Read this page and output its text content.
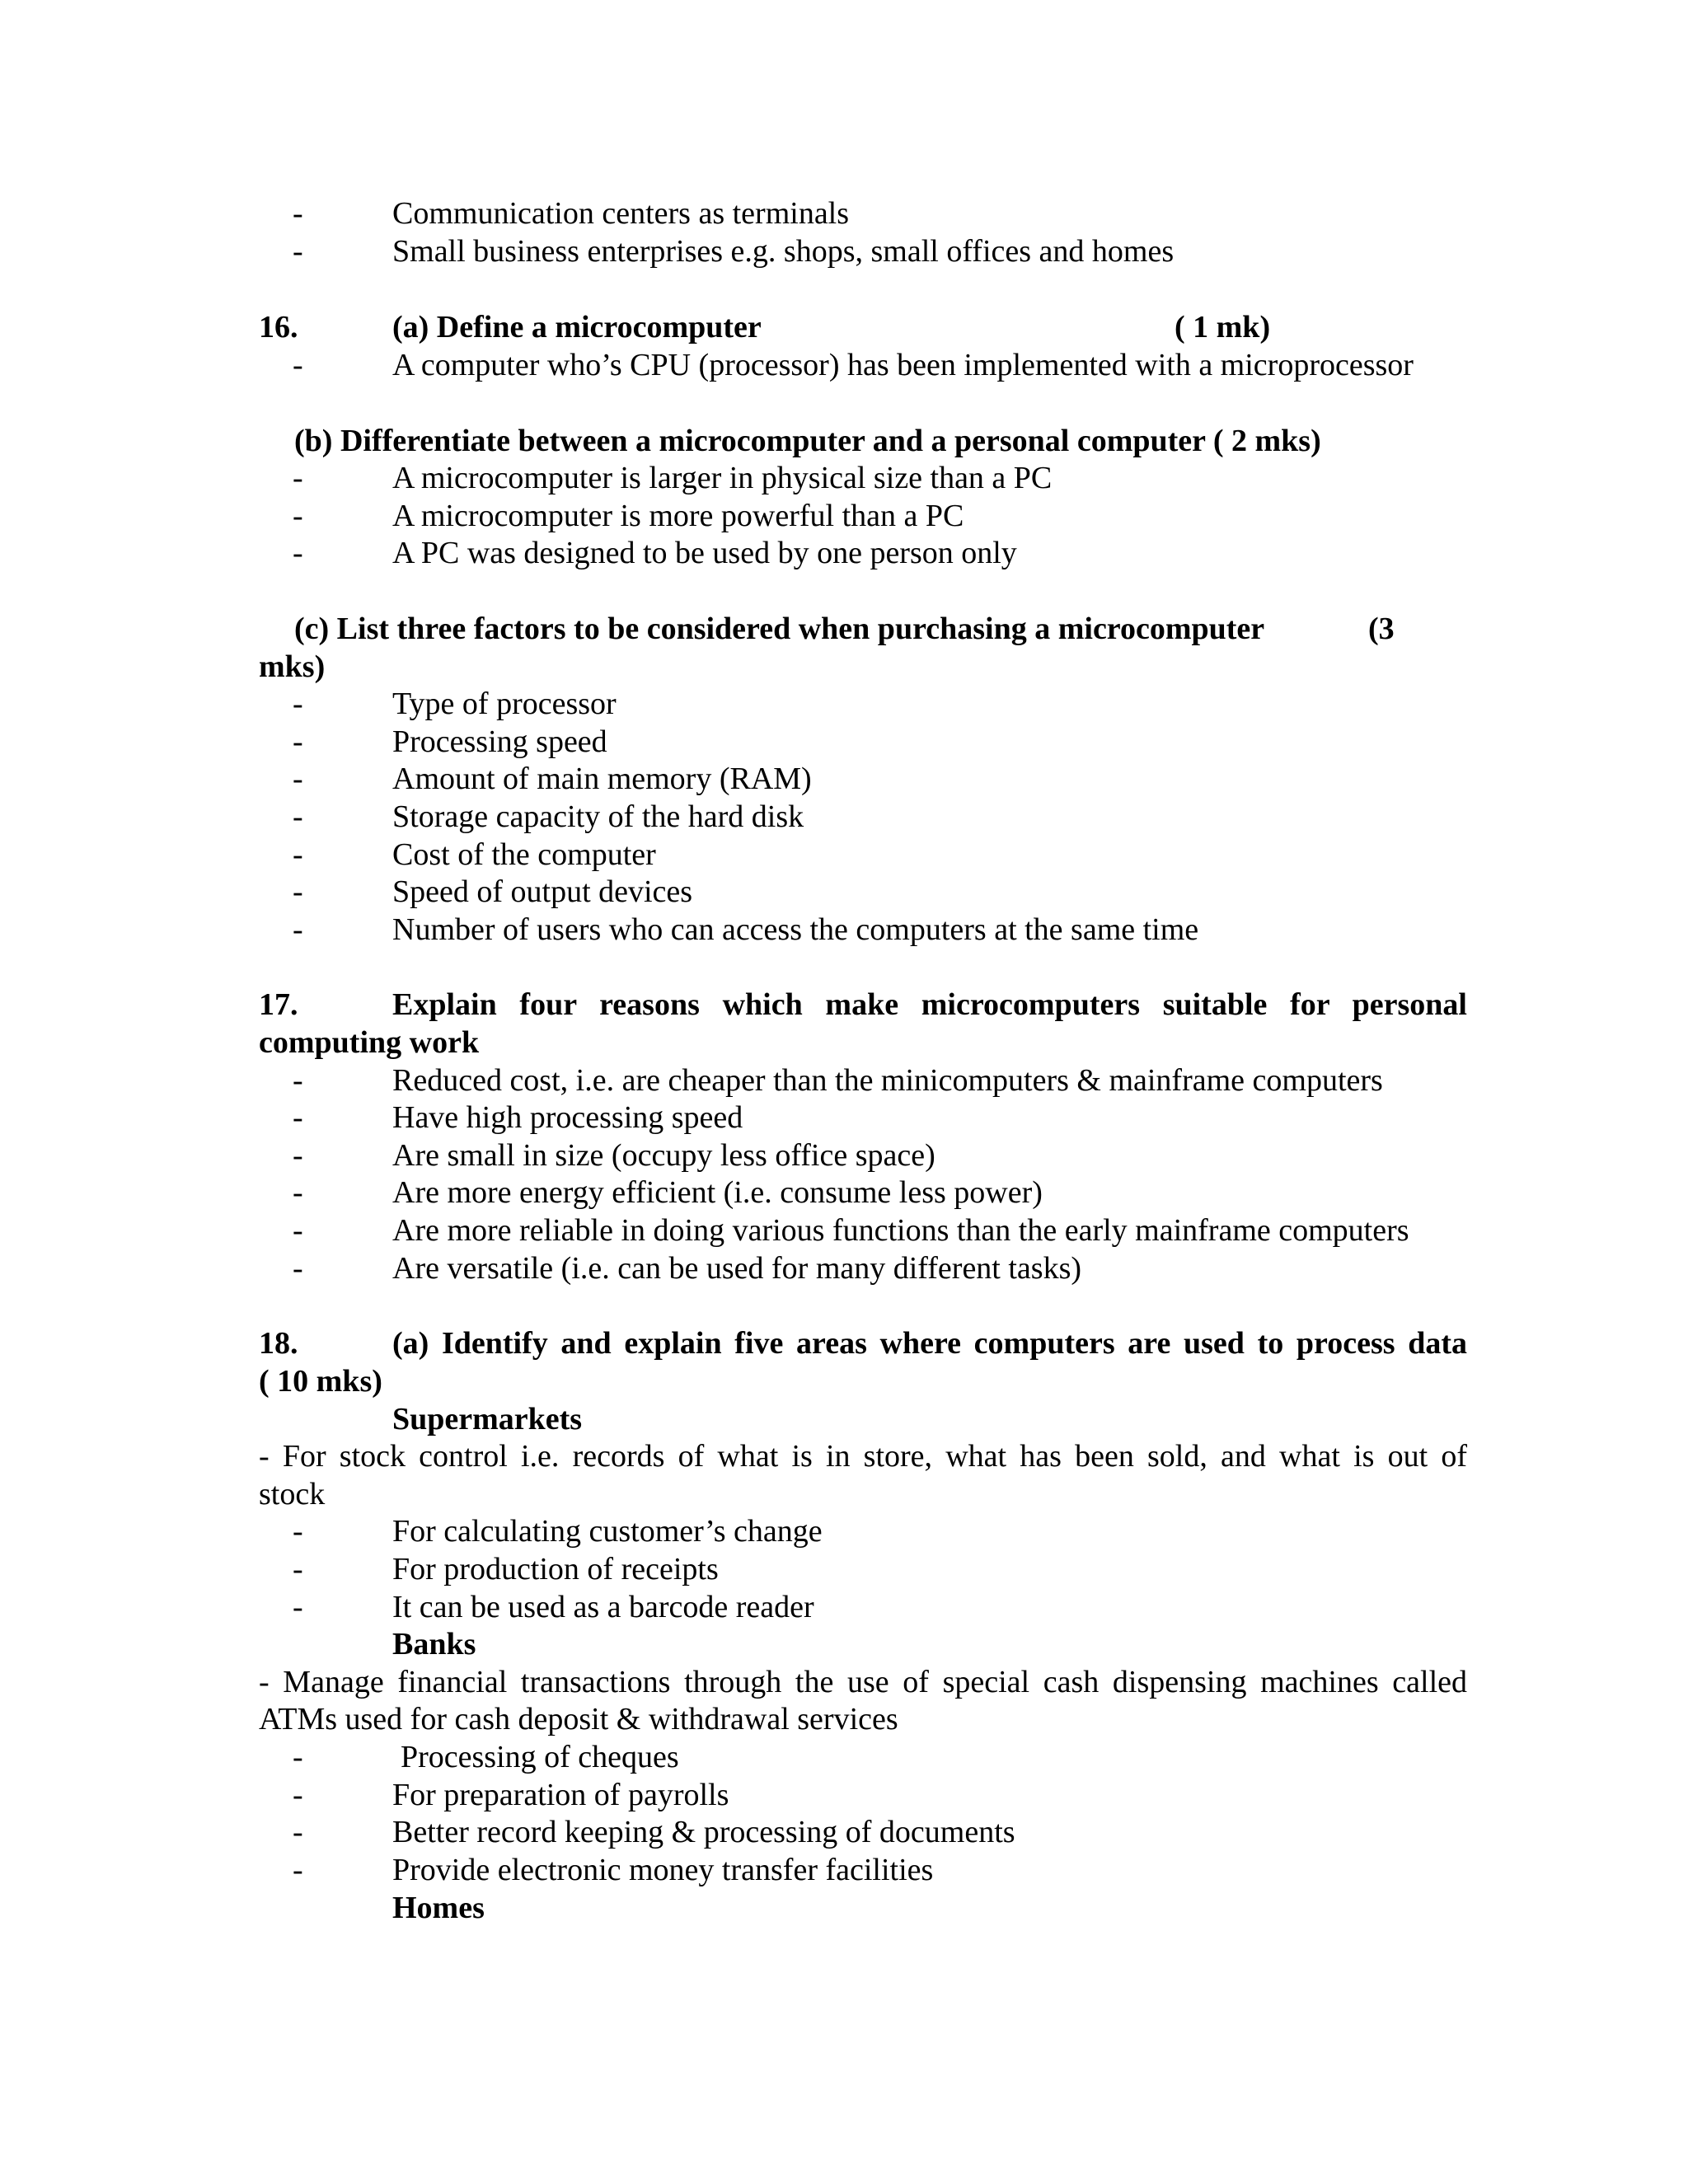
-	Communication centers as terminals
-	Small business enterprises e.g. shops, small offices and homes
16.	(a) Define a microcomputer	( 1 mk)
-	A computer who’s CPU (processor) has been implemented with a microprocessor
(b) Differentiate between a microcomputer and a personal computer ( 2 mks)
-	A microcomputer is larger in physical size than a PC
-	A microcomputer is more powerful than a PC
-	A PC was designed to be used by one person only
(c) List three factors to be considered when purchasing a microcomputer	(3
mks)
-	Type of processor
-	Processing speed
-	Amount of main memory (RAM)
-	Storage capacity of the hard disk
-	Cost of the computer
-	Speed of output devices
-	Number of users who can access the computers at the same time
17.	Explain four reasons which make microcomputers suitable for personal
computing work
-	Reduced cost, i.e. are cheaper than the minicomputers & mainframe computers
-	Have high processing speed
-	Are small in size (occupy less office space)
-	Are more energy efficient (i.e. consume less power)
-	Are more reliable in doing various functions than the early mainframe computers
-	Are versatile (i.e. can be used for many different tasks)
18.	(a) Identify and explain five areas where computers are used to process data
( 10 mks)
Supermarkets
- For stock control i.e. records of what is in store, what has been sold, and what is out of
stock
-	For calculating customer’s change
-	For production of receipts
-	It can be used as a barcode reader
Banks
- Manage financial transactions through the use of special cash dispensing machines called
ATMs used for cash deposit & withdrawal services
-	Processing of cheques
-	For preparation of payrolls
-	Better record keeping & processing of documents
-	Provide electronic money transfer facilities
Homes
